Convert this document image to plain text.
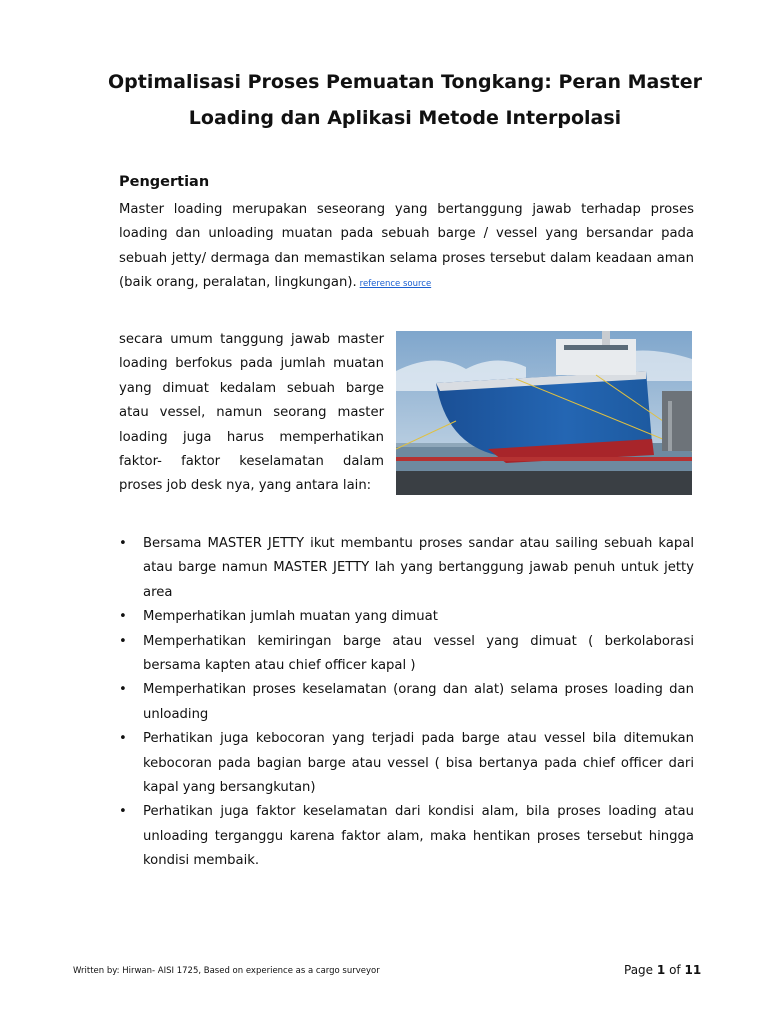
Optimalisasi Proses Pemuatan Tongkang: Peran Master Loading dan Aplikasi Metode Interpolasi
Pengertian

Master loading merupakan seseorang yang bertanggung jawab terhadap proses loading dan unloading muatan pada sebuah barge / vessel yang bersandar pada sebuah jetty/ dermaga dan memastikan selama proses tersebut dalam keadaan aman (baik orang, peralatan, lingkungan). reference source

secara umum tanggung jawab master loading berfokus pada jumlah muatan yang dimuat kedalam sebuah barge atau vessel, namun seorang master loading juga harus memperhatikan faktor- faktor keselamatan dalam proses job desk nya, yang antara lain:

• Bersama MASTER JETTY ikut membantu proses sandar atau sailing sebuah kapal atau barge namun MASTER JETTY lah yang bertanggung jawab penuh untuk jetty area
• Memperhatikan jumlah muatan yang dimuat
• Memperhatikan kemiringan barge atau vessel yang dimuat ( berkolaborasi bersama kapten atau chief officer kapal )
• Memperhatikan proses keselamatan (orang dan alat) selama proses loading dan unloading
• Perhatikan juga kebocoran yang terjadi pada barge atau vessel bila ditemukan kebocoran pada bagian barge atau vessel ( bisa bertanya pada chief officer dari kapal yang bersangkutan)
• Perhatikan juga faktor keselamatan dari kondisi alam, bila proses loading atau unloading terganggu karena faktor alam, maka hentikan proses tersebut hingga kondisi membaik.
Written by: Hirwan- AISI 1725, Based on experience as a cargo surveyor	Page 1 of 11
